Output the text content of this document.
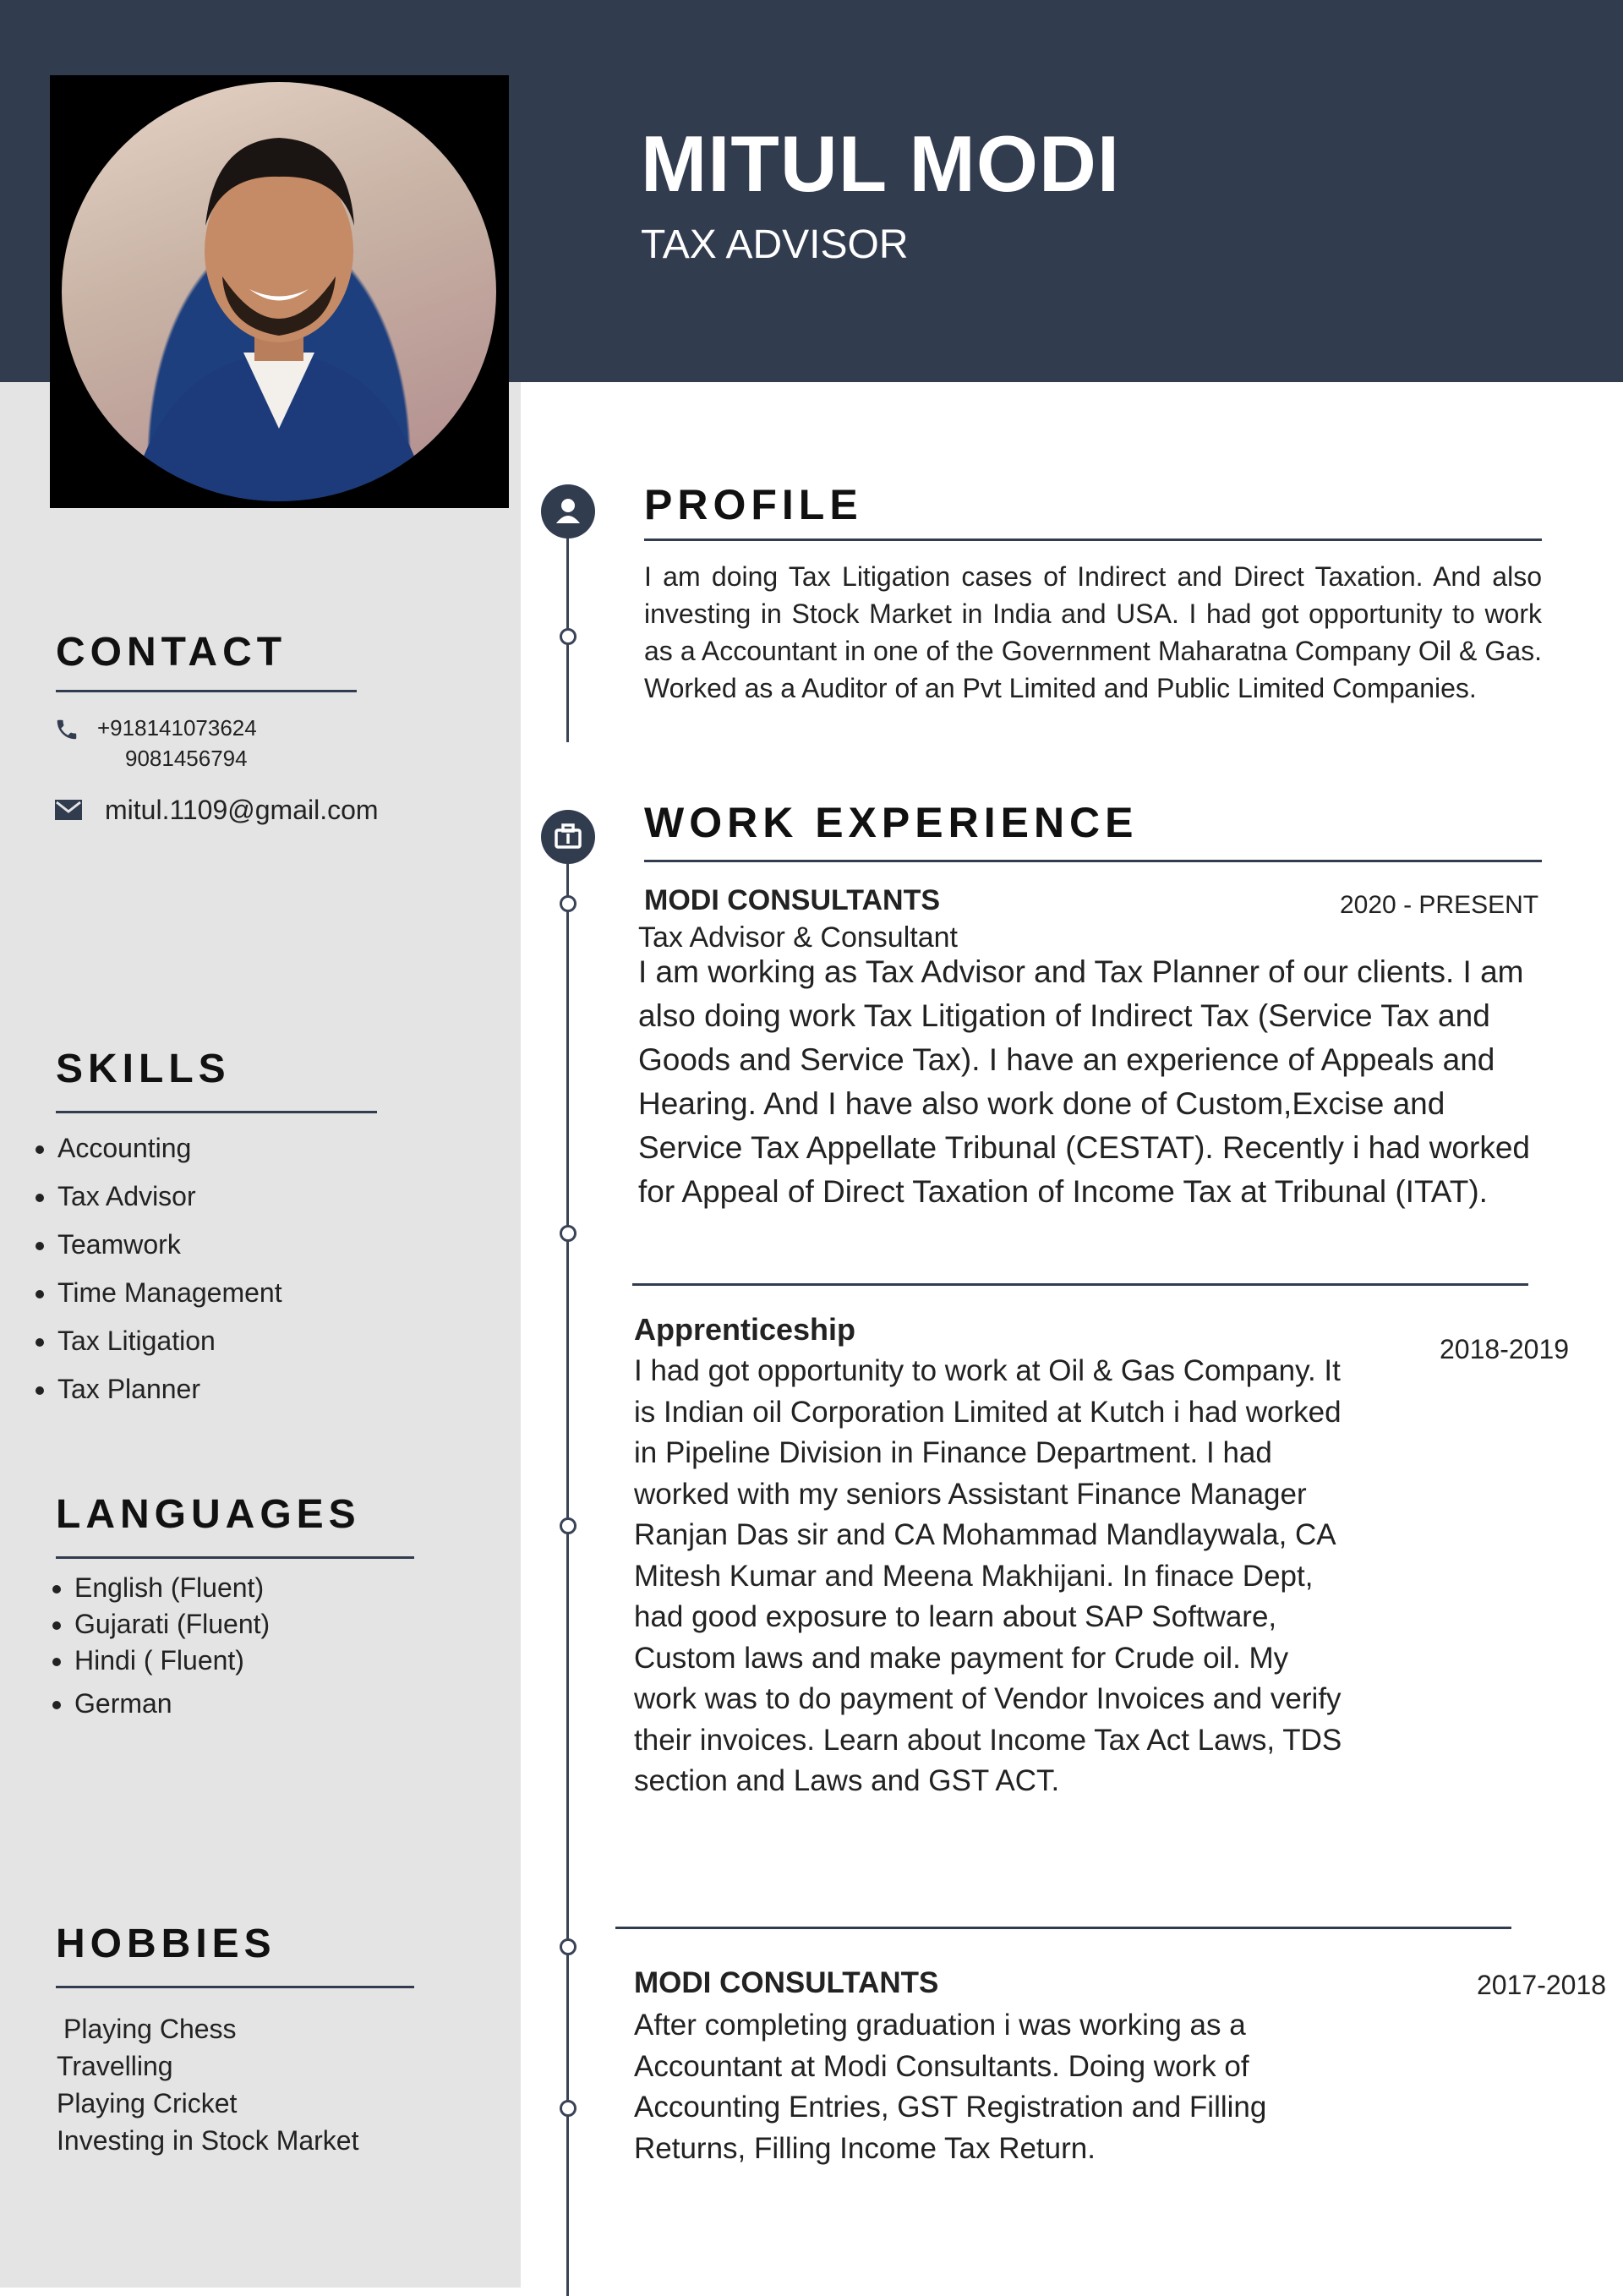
MITUL MODI

TAX ADVISOR

CONTACT

+918141073624

9081456794

mitul.1109@gmail.com

SKILLS
• Accounting
• Tax Advisor
• Teamwork
• Time Management
• Tax Litigation
• Tax Planner
LANGUAGES
• English (Fluent)
• Gujarati (Fluent)
• Hindi ( Fluent)
• German
HOBBIES
Playing Chess
Travelling
Playing Cricket
Investing in Stock Market
PROFILE

I am doing Tax Litigation cases of Indirect and Direct Taxation. And also investing in Stock Market in India and USA. I had got opportunity to work as a Accountant in one of the Government Maharatna Company Oil & Gas. Worked as a Auditor of an Pvt Limited and Public Limited Companies.

WORK EXPERIENCE

MODI CONSULTANTS	2020 - PRESENT

Tax Advisor & Consultant

I am working as Tax Advisor and Tax Planner of our clients. I am also doing work Tax Litigation of Indirect Tax (Service Tax and Goods and Service Tax). I have an experience of Appeals and Hearing. And I have also work done of Custom,Excise and Service Tax Appellate Tribunal (CESTAT). Recently i had worked for Appeal of Direct Taxation of Income Tax at Tribunal (ITAT).

Apprenticeship

2018-2019

I had got opportunity to work at Oil & Gas Company. It is Indian oil Corporation Limited at Kutch i had worked in Pipeline Division in Finance Department. I had worked with my seniors Assistant Finance Manager Ranjan Das sir and CA Mohammad Mandlaywala, CA Mitesh Kumar and Meena Makhijani. In finace Dept, had good exposure to learn about SAP Software, Custom laws and make payment for Crude oil. My work was to do payment of Vendor Invoices and verify their invoices. Learn about Income Tax Act Laws, TDS section and Laws and GST ACT.

MODI CONSULTANTS	2017-2018

After completing graduation i was working as a Accountant at Modi Consultants. Doing work of Accounting Entries, GST Registration and Filling Returns, Filling Income Tax Return.
